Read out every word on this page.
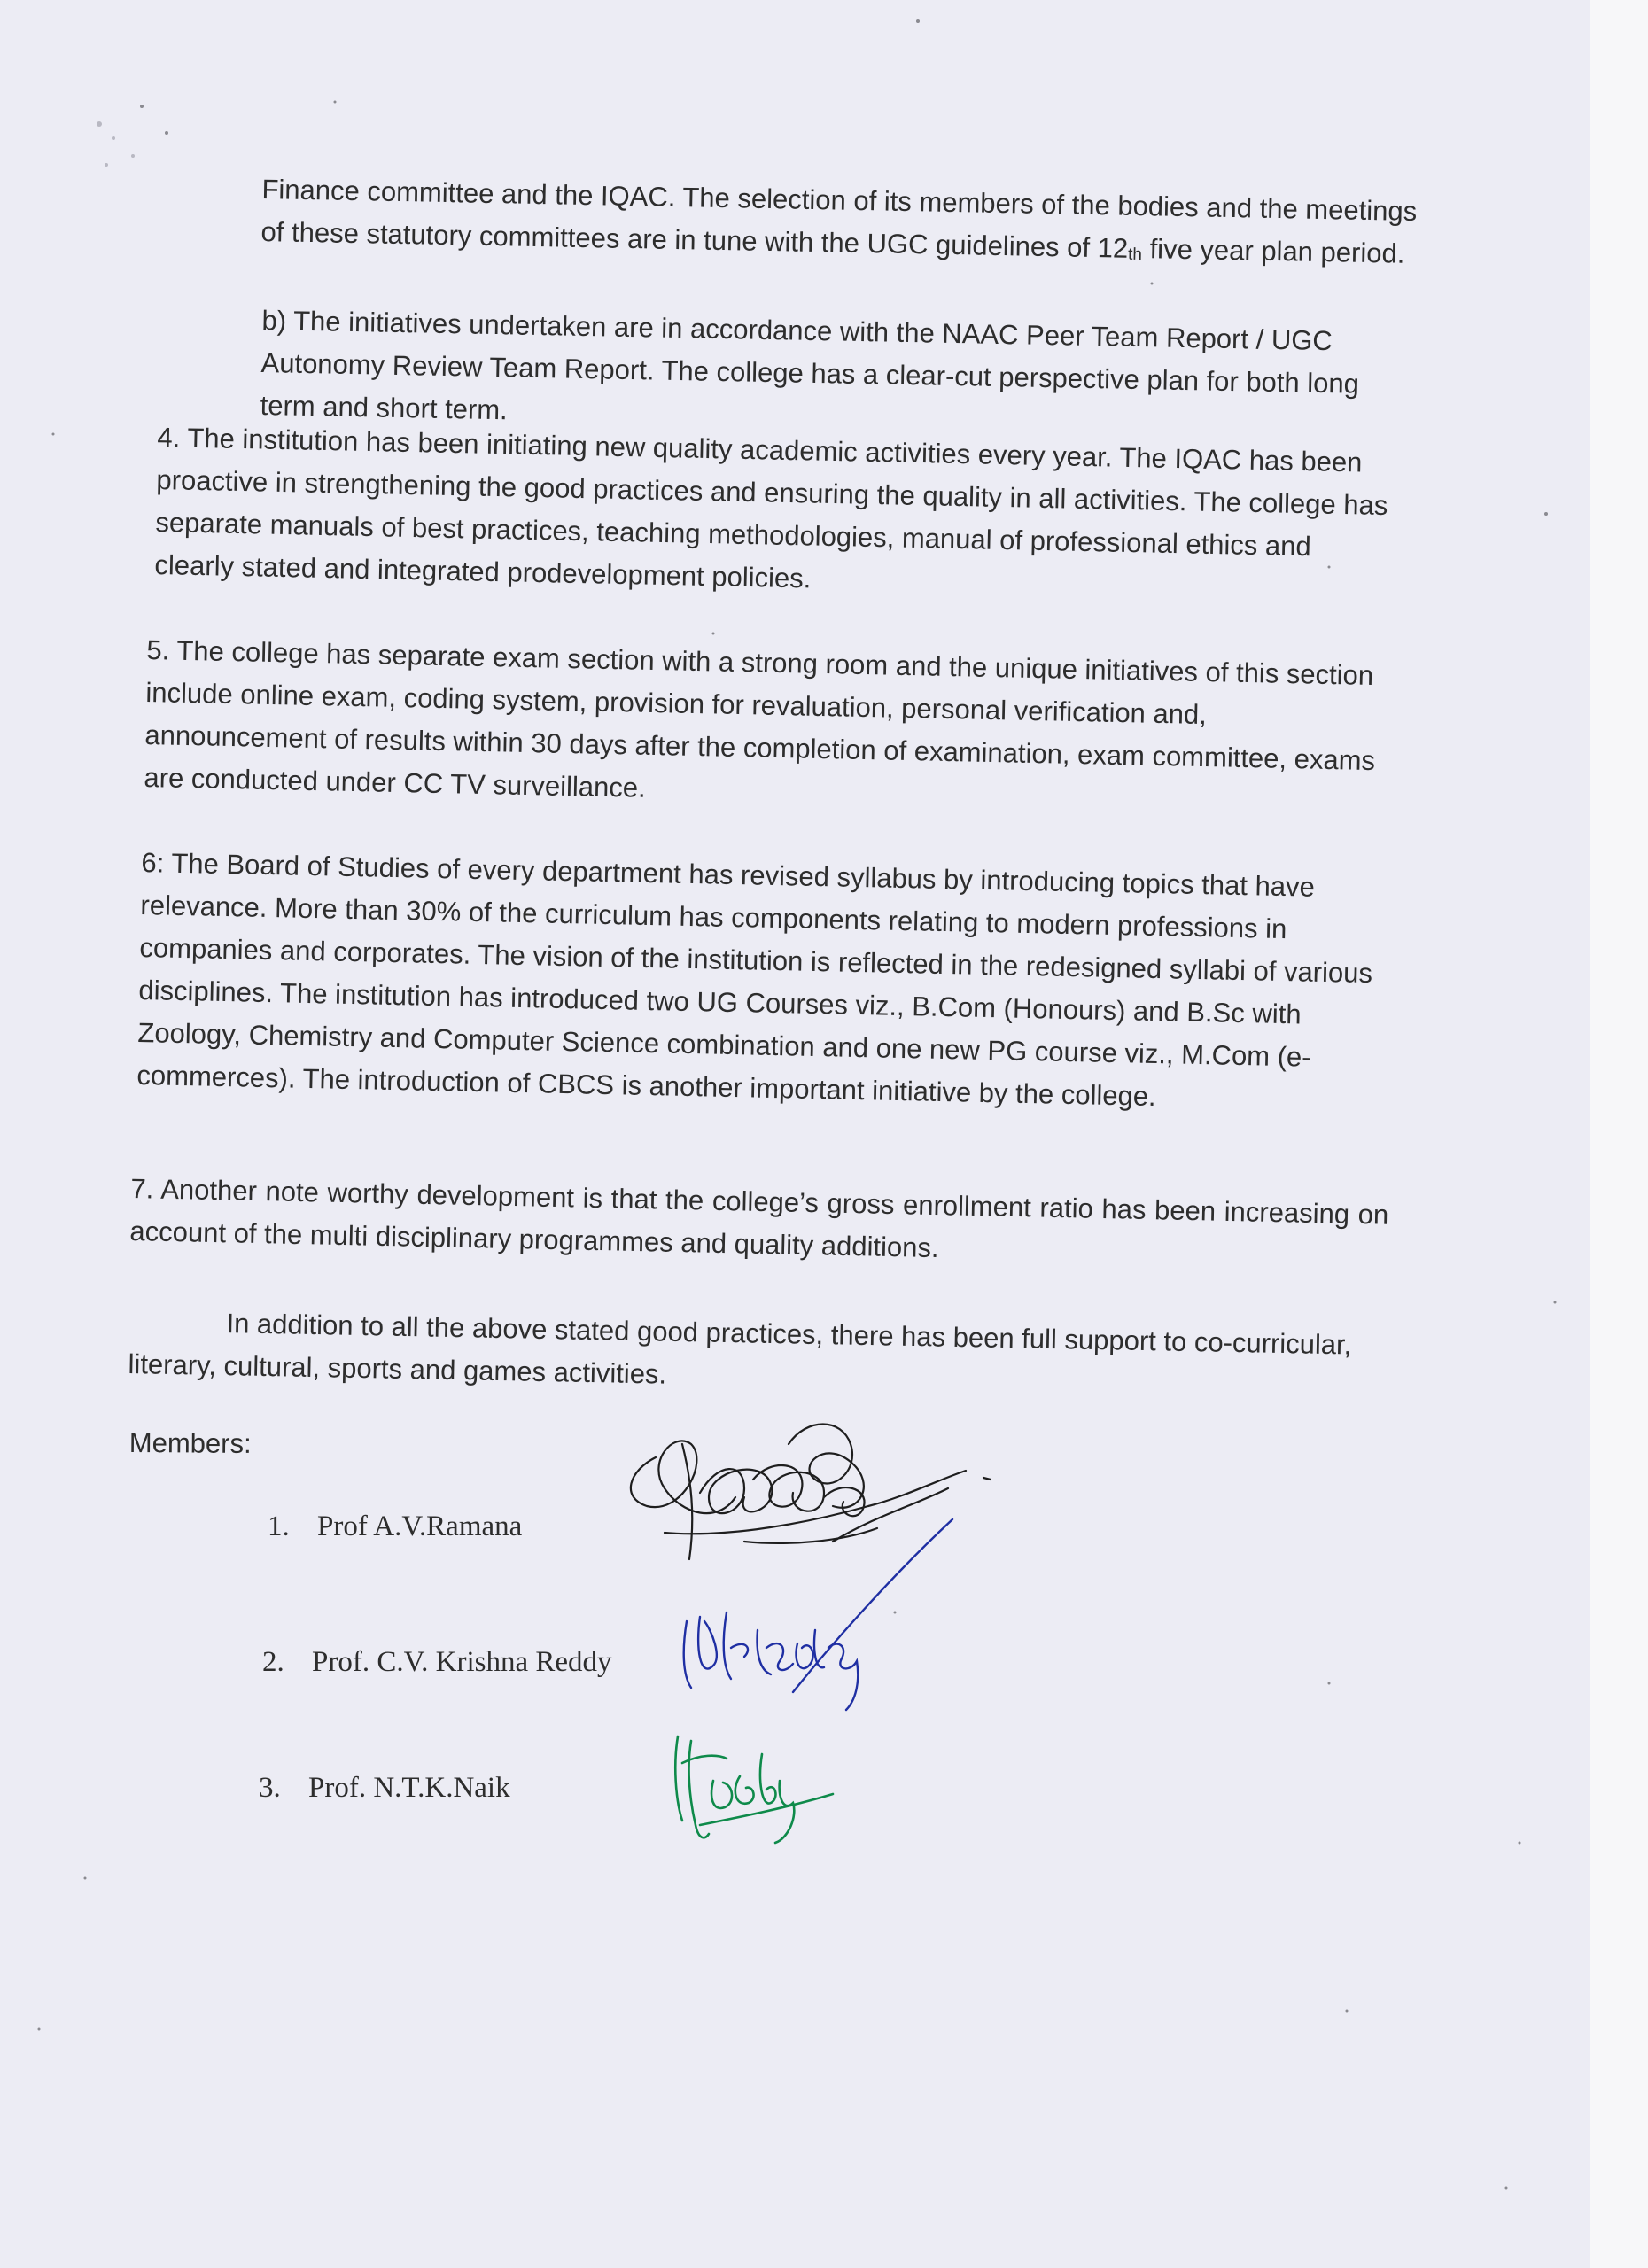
Finance committee and the IQAC. The selection of its members of the bodies and the meetings of these statutory committees are in tune with the UGC guidelines of $12_{th}$ five year plan period.

b) The initiatives undertaken are in accordance with the NAAC Peer Team Report / UGC Autonomy Review Team Report. The college has a clear-cut perspective plan for both long term and short term.

4. The institution has been initiating new quality academic activities every year. The IQAC has been proactive in strengthening the good practices and ensuring the quality in all activities. The college has separate manuals of best practices, teaching methodologies, manual of professional ethics and clearly stated and integrated prodevelopment policies.

5. The college has separate exam section with a strong room and the unique initiatives of this section include online exam, coding system, provision for revaluation, personal verification and, announcement of results within 30 days after the completion of examination, exam committee, exams are conducted under CC TV surveillance.

6: The Board of Studies of every department has revised syllabus by introducing topics that have relevance. More than 30% of the curriculum has components relating to modern professions in companies and corporates. The vision of the institution is reflected in the redesigned syllabi of various disciplines. The institution has introduced two UG Courses viz., B.Com (Honours) and B.Sc with Zoology, Chemistry and Computer Science combination and one new PG course viz., M.Com (e-commerces). The introduction of CBCS is another important initiative by the college.

7. Another note worthy development is that the college’s gross enrollment ratio has been increasing on account of the multi disciplinary programmes and quality additions.

In addition to all the above stated good practices, there has been full support to co-curricular, literary, cultural, sports and games activities.

Members:
1. Prof A.V.Ramana
2. Prof. C.V. Krishna Reddy
3. Prof. N.T.K.Naik
